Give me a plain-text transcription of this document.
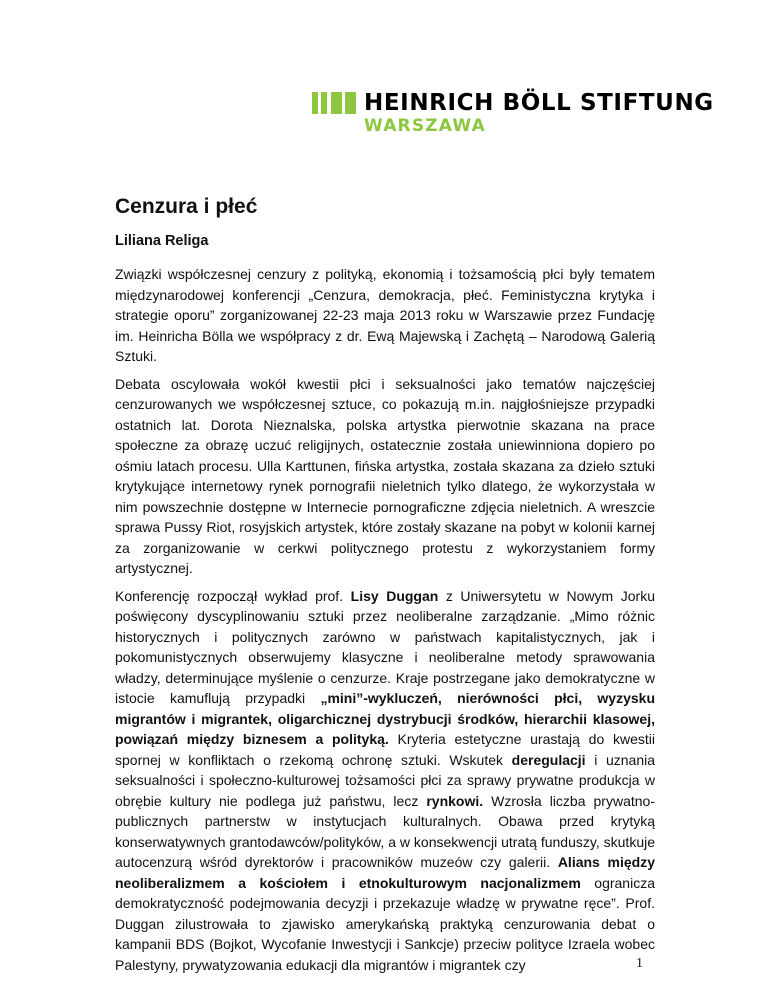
HEINRICH BÖLL STIFTUNG
WARSZAWA
Cenzura i płeć

Liliana Religa

Związki współczesnej cenzury z polityką, ekonomią i tożsamością płci były tematem międzynarodowej konferencji „Cenzura, demokracja, płeć. Feministyczna krytyka i strategie oporu” zorganizowanej 22-23 maja 2013 roku w Warszawie przez Fundację im. Heinricha Bölla we współpracy z dr. Ewą Majewską i Zachętą – Narodową Galerią Sztuki.

Debata oscylowała wokół kwestii płci i seksualności jako tematów najczęściej cenzurowanych we współczesnej sztuce, co pokazują m.in. najgłośniejsze przypadki ostatnich lat. Dorota Nieznalska, polska artystka pierwotnie skazana na prace społeczne za obrazę uczuć religijnych, ostatecznie została uniewinniona dopiero po ośmiu latach procesu. Ulla Karttunen, fińska artystka, została skazana za dzieło sztuki krytykujące internetowy rynek pornografii nieletnich tylko dlatego, że wykorzystała w nim powszechnie dostępne w Internecie pornograficzne zdjęcia nieletnich. A wreszcie sprawa Pussy Riot, rosyjskich artystek, które zostały skazane na pobyt w kolonii karnej za zorganizowanie w cerkwi politycznego protestu z wykorzystaniem formy artystycznej.

Konferencję rozpoczął wykład prof. Lisy Duggan z Uniwersytetu w Nowym Jorku poświęcony dyscyplinowaniu sztuki przez neoliberalne zarządzanie. „Mimo różnic historycznych i politycznych zarówno w państwach kapitalistycznych, jak i pokomunistycznych obserwujemy klasyczne i neoliberalne metody sprawowania władzy, determinujące myślenie o cenzurze. Kraje postrzegane jako demokratyczne w istocie kamuflują przypadki „mini”-wykluczeń, nierówności płci, wyzysku migrantów i migrantek, oligarchicznej dystrybucji środków, hierarchii klasowej, powiązań między biznesem a polityką. Kryteria estetyczne urastają do kwestii spornej w konfliktach o rzekomą ochronę sztuki. Wskutek deregulacji i uznania seksualności i społeczno-kulturowej tożsamości płci za sprawy prywatne produkcja w obrębie kultury nie podlega już państwu, lecz rynkowi. Wzrosła liczba prywatno-publicznych partnerstw w instytucjach kulturalnych. Obawa przed krytyką konserwatywnych grantodawców/polityków, a w konsekwencji utratą funduszy, skutkuje autocenzurą wśród dyrektorów i pracowników muzeów czy galerii. Alians między neoliberalizmem a kościołem i etnokulturowym nacjonalizmem ogranicza demokratyczność podejmowania decyzji i przekazuje władzę w prywatne ręce”. Prof. Duggan zilustrowała to zjawisko amerykańską praktyką cenzurowania debat o kampanii BDS (Bojkot, Wycofanie Inwestycji i Sankcje) przeciw polityce Izraela wobec Palestyny, prywatyzowania edukacji dla migrantów i migrantek czy	1
